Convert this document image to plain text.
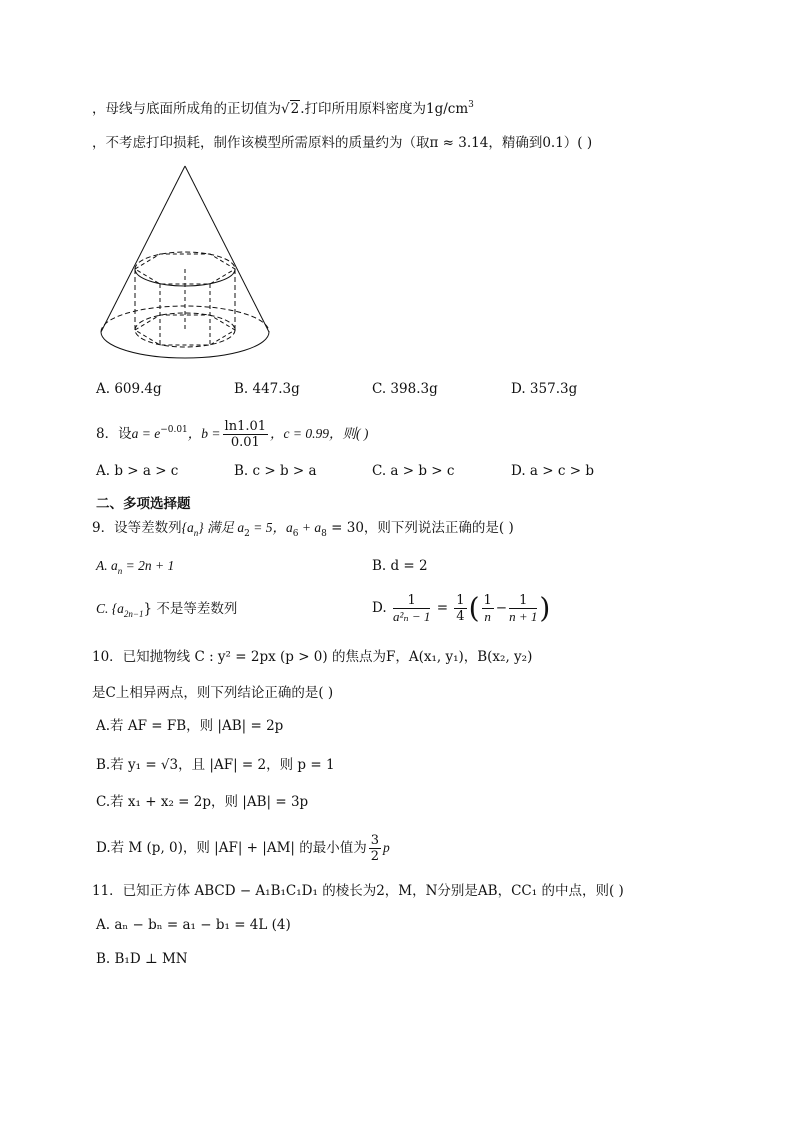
，母线与底面所成角的正切值为√2.打印所用原料密度为$1g/cm^3$
，不考虑打印损耗，制作该模型所需原料的质量约为（取π ≈ 3.14，精确到0.1）( )
A. 609.4g	B. 447.3g	C. 398.3g	D. 357.3g
8．设$a = e^{-0.01}$，$b = \frac{\ln 1.01}{0.01}$ ，c = 0.99，则( )
A. b > a > c	B. c > b > a	C. a > b > c	D. a > c > b
二、多项选择题
9．设等差数列$\{a_n\}$ 满足 $a_2 = 5$，$a_6 + a_8 = 30$，则下列说法正确的是( )
A. $a_n = 2n + 1$	B. d = 2
C. $\{a_{2n-1}\}$ 不是等差数列	D. $\frac{1}{\text{a²ₙ − 1}} = \frac{1}{4}$ ( $\frac{1}{n} - \frac{1}{n + 1}$ )
10．已知抛物线 C : y² = 2px (p > 0) 的焦点为F，A(x₁, y₁)，B(x₂, y₂)
是C上相异两点，则下列结论正确的是( )
A.若 AF = FB，则 |AB| = 2p
B.若 y₁ = √3，且 |AF| = 2，则 p = 1
C.若 x₁ + x₂ = 2p，则 |AB| = 3p
D.若 M (p, 0)，则 |AF| + |AM| 的最小值为 $\frac{3}{2}$ p
11．已知正方体 ABCD − A₁B₁C₁D₁ 的棱长为2，M，N分别是AB，CC₁ 的中点，则( )
A. aₙ − bₙ = a₁ − b₁ = 4L (4)
B. B₁D ⊥ MN
